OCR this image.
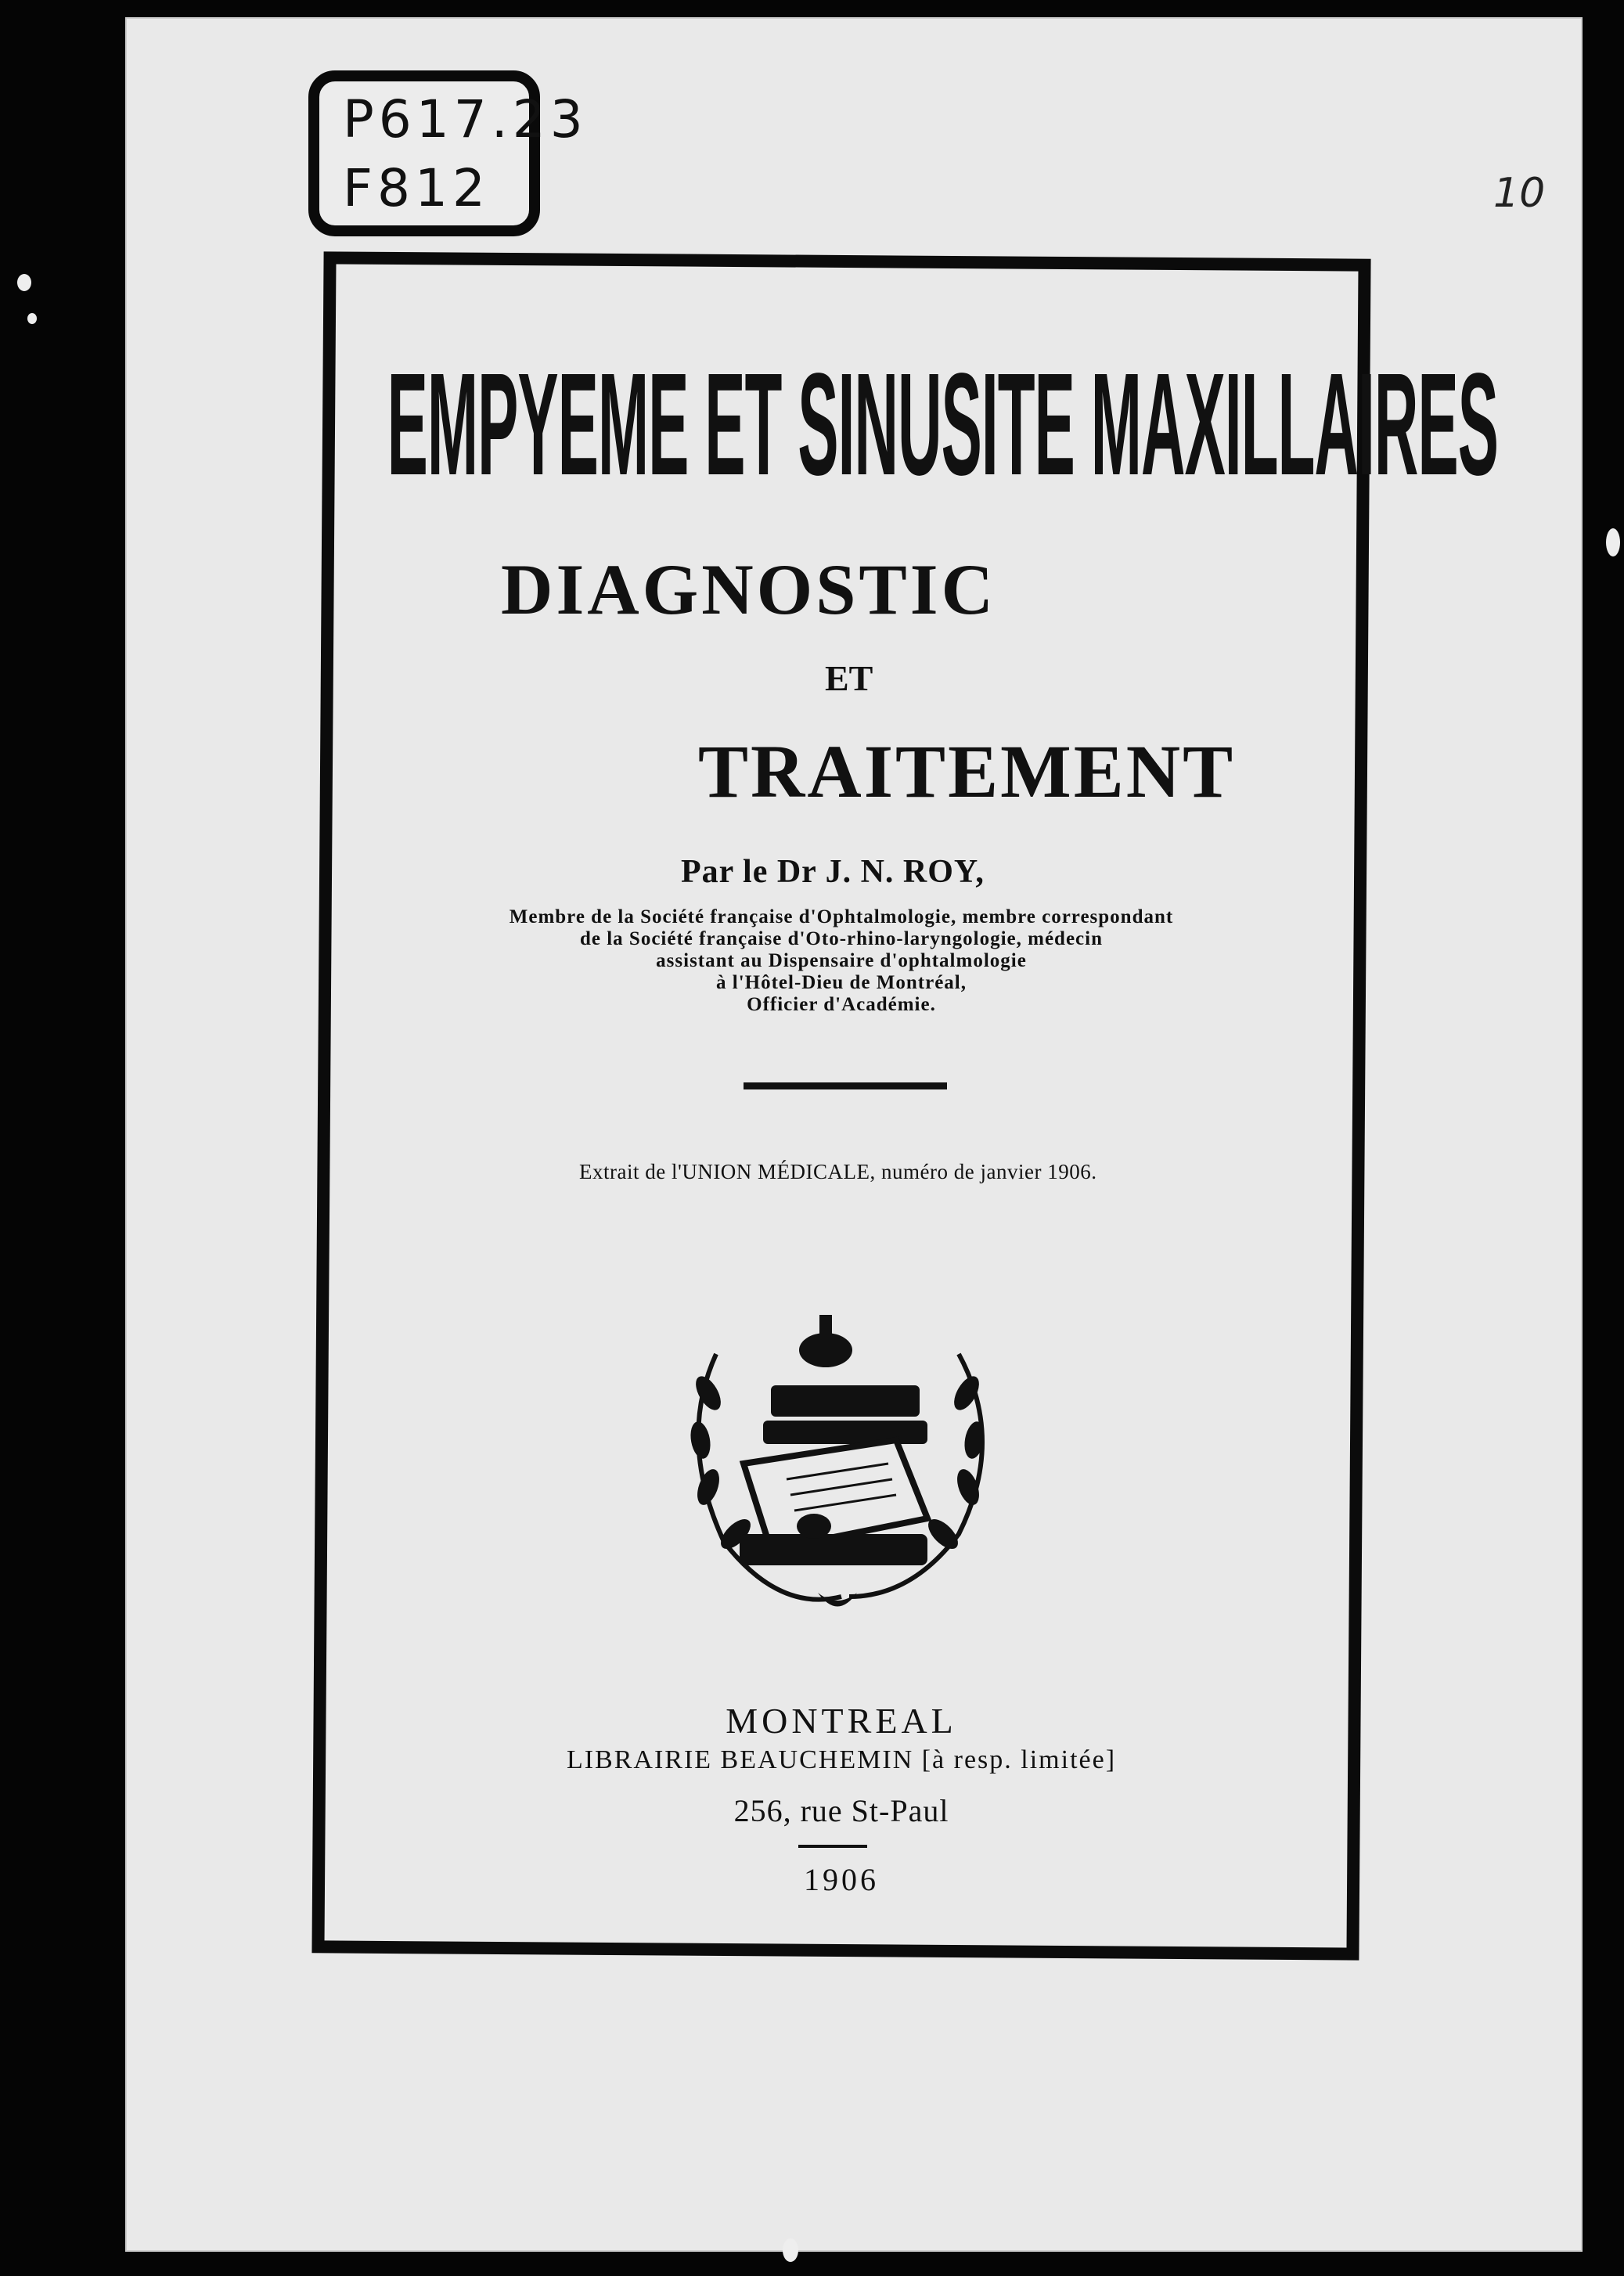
P617.23
F812	10
EMPYEME ET SINUSITE MAXILLAIRES
DIAGNOSTIC
ET
TRAITEMENT
Par le Dr J. N. ROY,
Membre de la Société française d'Ophtalmologie, membre correspondant
de la Société française d'Oto-rhino-laryngologie, médecin
assistant au Dispensaire d'ophtalmologie
à l'Hôtel-Dieu de Montréal,
Officier d'Académie.
Extrait de l'UNION MÉDICALE, numéro de janvier 1906.
MONTREAL
LIBRAIRIE BEAUCHEMIN [à resp. limitée]
256, rue St-Paul
1906
